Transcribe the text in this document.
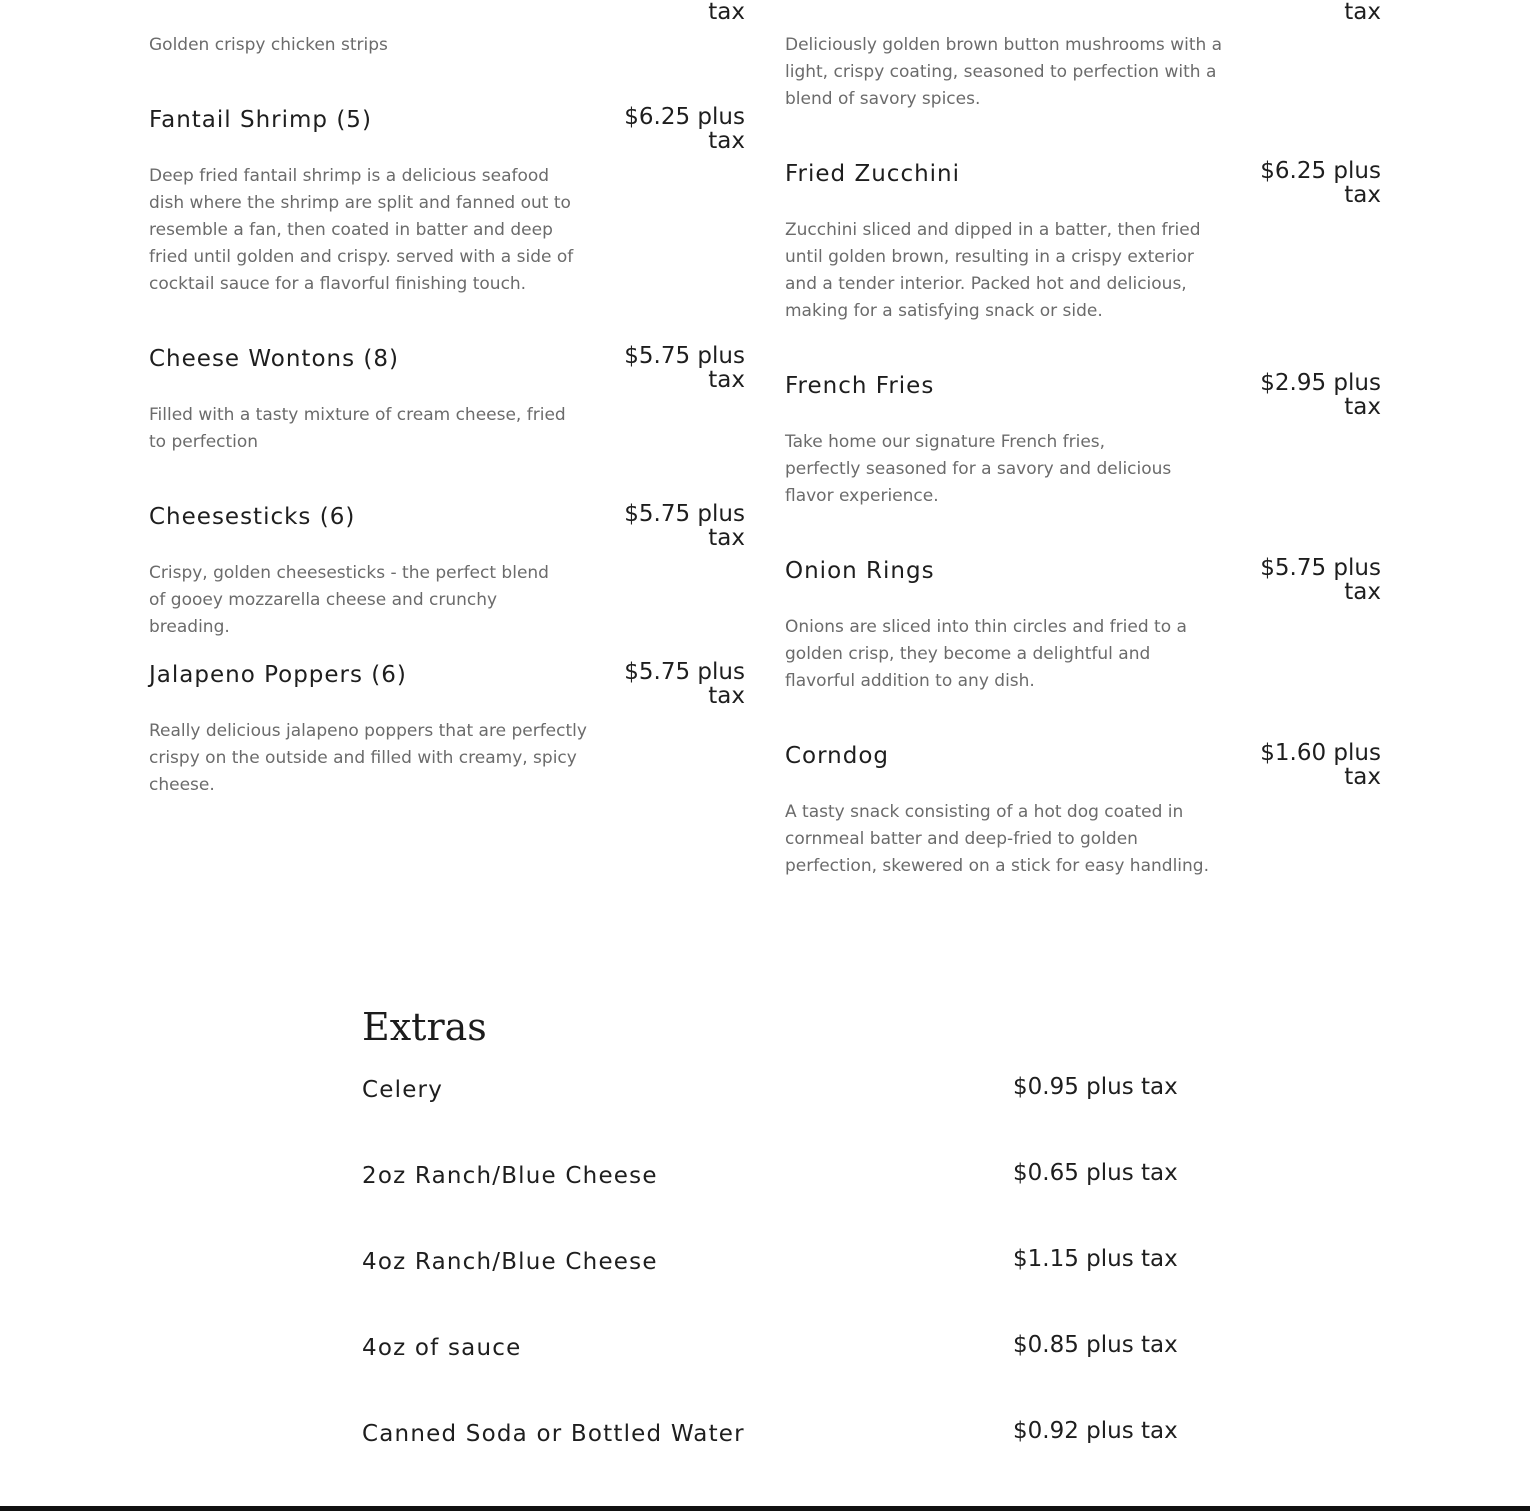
tax
Golden crispy chicken strips
Fantail Shrimp (5)	$6.25 plus tax
Deep fried fantail shrimp is a delicious seafood dish where the shrimp are split and fanned out to resemble a fan, then coated in batter and deep fried until golden and crispy. served with a side of cocktail sauce for a flavorful finishing touch.
Cheese Wontons (8)	$5.75 plus tax
Filled with a tasty mixture of cream cheese, fried to perfection
Cheesesticks (6)	$5.75 plus tax
Crispy, golden cheesesticks - the perfect blend of gooey mozzarella cheese and crunchy breading.
Jalapeno Poppers (6)	$5.75 plus tax
Really delicious jalapeno poppers that are perfectly crispy on the outside and filled with creamy, spicy cheese.
tax
Deliciously golden brown button mushrooms with a light, crispy coating, seasoned to perfection with a blend of savory spices.
Fried Zucchini	$6.25 plus tax
Zucchini sliced and dipped in a batter, then fried until golden brown, resulting in a crispy exterior and a tender interior. Packed hot and delicious, making for a satisfying snack or side.
French Fries	$2.95 plus tax
Take home our signature French fries, perfectly seasoned for a savory and delicious flavor experience.
Onion Rings	$5.75 plus tax
Onions are sliced into thin circles and fried to a golden crisp, they become a delightful and flavorful addition to any dish.
Corndog	$1.60 plus tax
A tasty snack consisting of a hot dog coated in cornmeal batter and deep-fried to golden perfection, skewered on a stick for easy handling.
Extras
Celery	$0.95 plus tax
2oz Ranch/Blue Cheese	$0.65 plus tax
4oz Ranch/Blue Cheese	$1.15 plus tax
4oz of sauce	$0.85 plus tax
Canned Soda or Bottled Water	$0.92 plus tax
